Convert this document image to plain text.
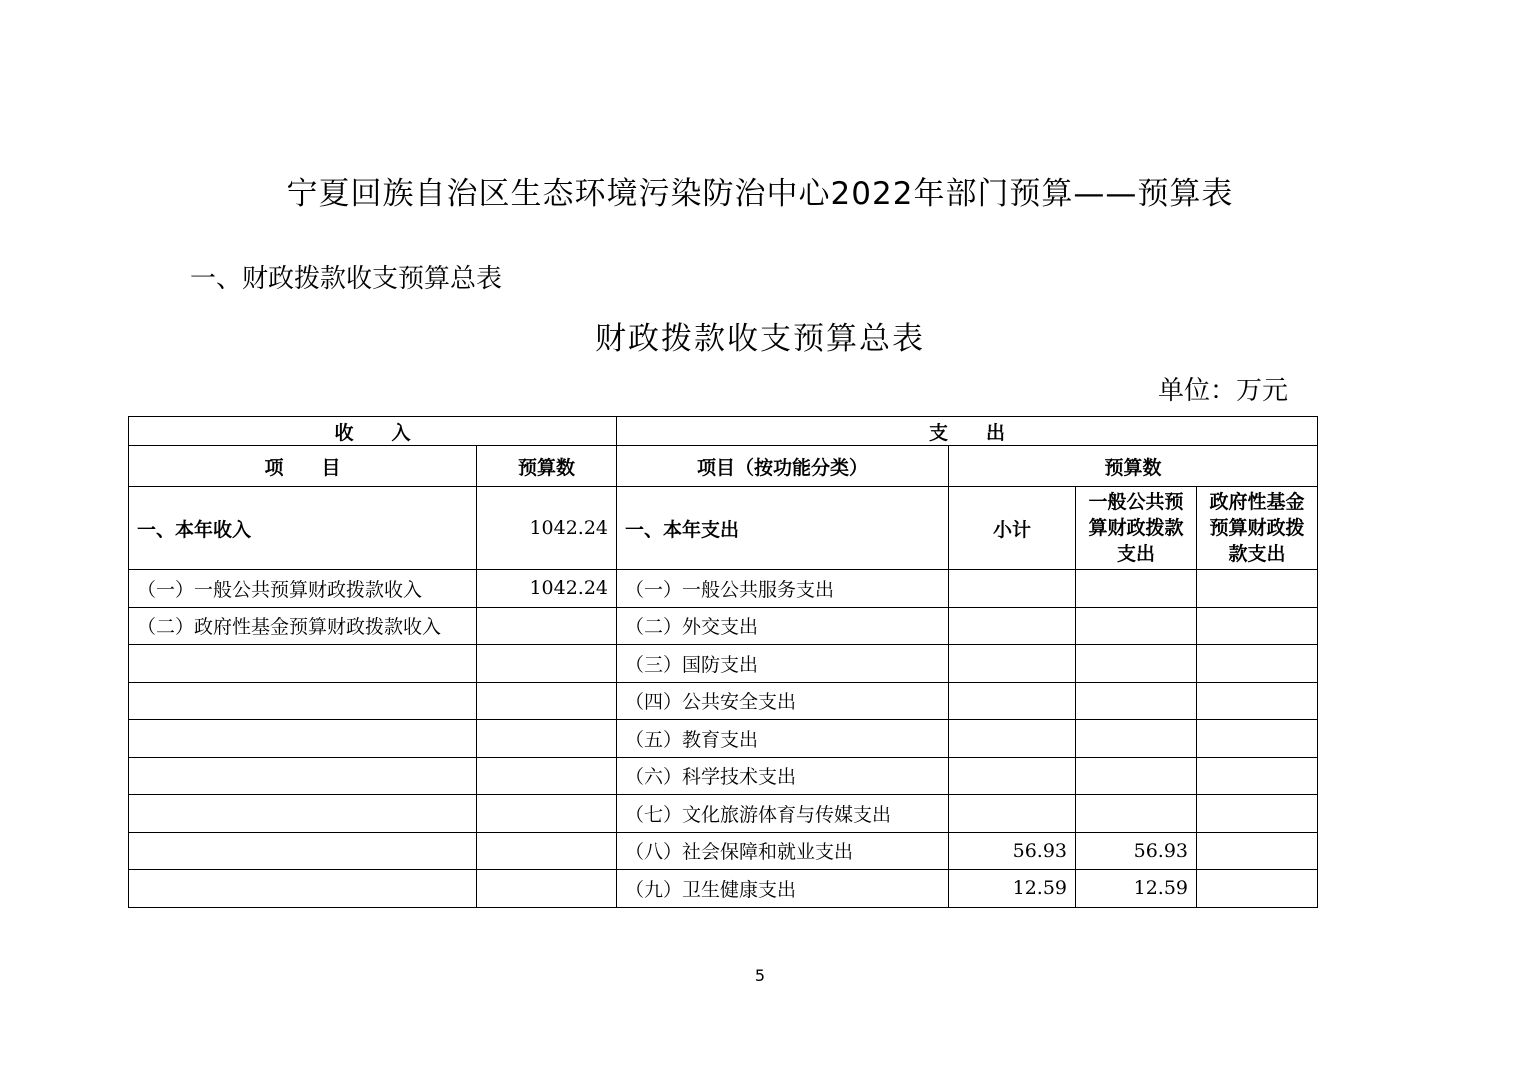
宁夏回族自治区生态环境污染防治中心2022年部门预算——预算表
一、财政拨款收支预算总表
财政拨款收支预算总表
单位：万元
收　　入		支　　出			
项　　目	预算数	项目（按功能分类）	预算数		
一、本年收入	1042.24	一、本年支出	小计	一般公共预算财政拨款支出	政府性基金预算财政拨款支出
（一）一般公共预算财政拨款收入	1042.24	（一）一般公共服务支出			
（二）政府性基金预算财政拨款收入		（二）外交支出			
		（三）国防支出			
		（四）公共安全支出			
		（五）教育支出			
		（六）科学技术支出			
		（七）文化旅游体育与传媒支出			
		（八）社会保障和就业支出	56.93	56.93	
		（九）卫生健康支出	12.59	12.59	
5
